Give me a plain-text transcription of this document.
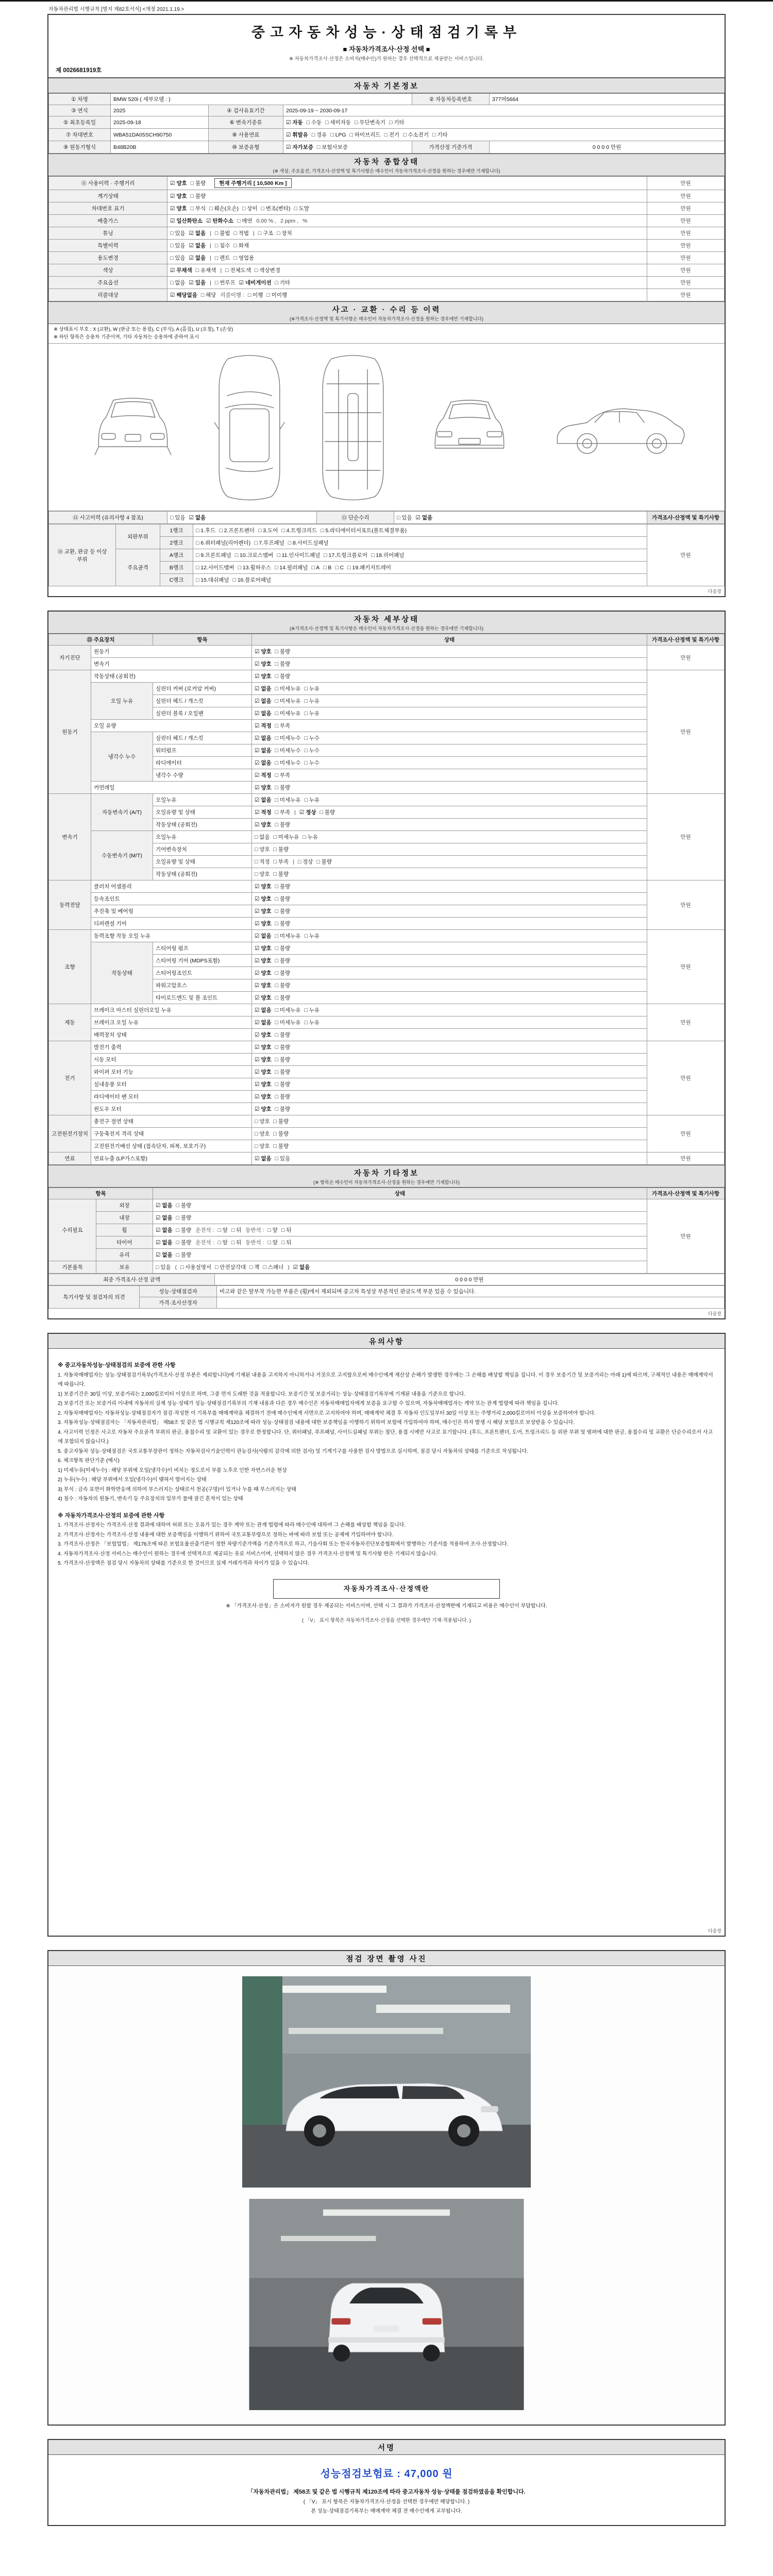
자동차관리법 시행규칙 [별지 제82호서식] <개정 2021.1.19.>
중고자동차성능·상태점검기록부
■ 자동차가격조사·산정 선택 ■
※ 자동차가격조사·산정은 소비자(매수인)가 원하는 경우 선택적으로 제공받는 서비스입니다.
제 0026681919호
자동차 기본정보
① 차명	BMW 520i ( 세부모델 : )			② 자동차등록번호	377머5664
③ 연식	2025	④ 검사유효기간	2025-09-19 ~ 2030-09-17		
⑤ 최초등록일	2025-09-18	⑥ 변속기종류	☑ 자동 □ 수동 □ 세미자동 □ 무단변속기 □ 기타		
⑦ 차대번호	WBA51DA05SCH90750	⑧ 사용연료	☑ 휘발유 □ 경유 □ LPG □ 하이브리드 □ 전기 □ 수소전기 □ 기타		
⑨ 원동기형식	B48B20B	⑩ 보증유형	☑ 자가보증 □ 보험사보증	가격산정 기준가격	0 0 0 0 만원
자동차 종합상태
(※ 색상, 주요옵션, 가격조사·산정액 및 특기사항은 매수인이 자동차가격조사·산정을 원하는 경우에만 기재합니다)
⑪ 사용이력 · 주행거리	☑ 양호 □ 불량 현재 주행거리 [ 10,500 Km ]	만원
계기상태	☑ 양호 □ 불량	만원
차대번호 표기	☑ 양호 □ 부식 □ 훼손(오손) □ 상이 □ 변조(변타) □ 도말	만원
배출가스	☑ 일산화탄소 ☑ 탄화수소 □ 매연 0.00 % , 2 ppm , %	만원
튜닝	□ 있음 ☑ 없음 | □ 불법 □ 적법 | □ 구조 □ 장치	만원
특별이력	□ 있음 ☑ 없음 | □ 침수 □ 화재	만원
용도변경	□ 있음 ☑ 없음 | □ 렌트 □ 영업용	만원
색상	☑ 무채색 □ 유채색 | □ 전체도색 □ 색상변경	만원
주요옵션	□ 없음 ☑ 있음 | □ 썬루프 ☑ 네비게이션 □ 기타	만원
리콜대상	☑ 해당없음 □ 해당 리콜이행 : □ 이행 □ 미이행	만원
사고 · 교환 · 수리 등 이력
(※가격조사·산정액 및 특기사항은 매수인이 자동차가격조사·산정을 원하는 경우에만 기재합니다)
※ 상태표시 부호 : X (교환), W (판금 또는 용접), C (부식), A (흠집), U (요철), T (손상)
※ 하단 항목은 승용차 기준이며, 기타 자동차는 승용차에 준하여 표시
⑫ 사고이력 (유의사항 4 참조)	□ 있음 ☑ 없음	⑬ 단순수리	□ 있음 ☑ 없음	가격조사·산정액 및 특기사항
⑭ 교환, 판금 등 이상 부위	외판부위	1랭크	□ 1.후드 □ 2.프론트펜더 □ 3.도어 □ 4.트렁크리드 □ 5.라디에이터서포트(볼트체결부품)	만원
		2랭크	□ 6.쿼터패널(리어펜더) □ 7.루프패널 □ 8.사이드실패널	
	주요골격	A랭크	□ 9.프론트패널 □ 10.크로스멤버 □ 11.인사이드패널 □ 17.트렁크플로어 □ 18.리어패널	
		B랭크	□ 12.사이드멤버 □ 13.휠하우스 □ 14.필러패널 □ A □ B □ C □ 19.패키지트레이	
		C랭크	□ 15.대쉬패널 □ 16.플로어패널	
다음장
자동차 세부상태
(※가격조사·산정액 및 특기사항은 매수인이 자동차가격조사·산정을 원하는 경우에만 기재합니다)
⑮ 주요장치		항목	상태	가격조사·산정액 및 특기사항
자기진단	원동기		☑ 양호 □ 불량	만원
	변속기		☑ 양호 □ 불량	
원동기	작동상태 (공회전)		☑ 양호 □ 불량	만원
	오일 누유	실린더 커버 (로커암 커버)	☑ 없음 □ 미세누유 □ 누유	
		실린더 헤드 / 개스킷	☑ 없음 □ 미세누유 □ 누유	
		실린더 블록 / 오일팬	☑ 없음 □ 미세누유 □ 누유	
	오일 유량		☑ 적정 □ 부족	
	냉각수 누수	실린더 헤드 / 개스킷	☑ 없음 □ 미세누수 □ 누수	
		워터펌프	☑ 없음 □ 미세누수 □ 누수	
		라디에이터	☑ 없음 □ 미세누수 □ 누수	
		냉각수 수량	☑ 적정 □ 부족	
	커먼레일		☑ 양호 □ 불량	
변속기	자동변속기 (A/T)	오일누유	☑ 없음 □ 미세누유 □ 누유	만원
		오일유량 및 상태	☑ 적정 □ 부족 | ☑ 정상 □ 불량	
		작동상태 (공회전)	☑ 양호 □ 불량	
	수동변속기 (M/T)	오일누유	□ 없음 □ 미세누유 □ 누유	
		기어변속장치	□ 양호 □ 불량	
		오일유량 및 상태	□ 적정 □ 부족 | □ 정상 □ 불량	
		작동상태 (공회전)	□ 양호 □ 불량	
동력전달	클러치 어셈블리		☑ 양호 □ 불량	만원
	등속조인트		☑ 양호 □ 불량	
	추진축 및 베어링		☑ 양호 □ 불량	
	디퍼렌셜 기어		☑ 양호 □ 불량	
조향	동력조향 작동 오일 누유		☑ 없음 □ 미세누유 □ 누유	만원
	작동상태	스티어링 펌프	☑ 양호 □ 불량	
		스티어링 기어 (MDPS포함)	☑ 양호 □ 불량	
		스티어링조인트	☑ 양호 □ 불량	
		파워고압호스	☑ 양호 □ 불량	
		타이로드엔드 및 볼 조인트	☑ 양호 □ 불량	
제동	브레이크 마스터 실린더오일 누유		☑ 없음 □ 미세누유 □ 누유	만원
	브레이크 오일 누유		☑ 없음 □ 미세누유 □ 누유	
	배력장치 상태		☑ 양호 □ 불량	
전기	발전기 출력		☑ 양호 □ 불량	만원
	시동 모터		☑ 양호 □ 불량	
	와이퍼 모터 기능		☑ 양호 □ 불량	
	실내송풍 모터		☑ 양호 □ 불량	
	라디에이터 팬 모터		☑ 양호 □ 불량	
	윈도우 모터		☑ 양호 □ 불량	
고전원전기장치	충전구 절연 상태		□ 양호 □ 불량	만원
	구동축전지 격리 상태		□ 양호 □ 불량	
	고전원전기배선 상태 (접속단자, 피복, 보호기구)		□ 양호 □ 불량	
연료	연료누출 (LP가스포함)		☑ 없음 □ 있음	만원
자동차 기타정보
(※ 항목은 매수인이 자동차가격조사·산정을 원하는 경우에만 기재합니다)
항목		상태	가격조사·산정액 및 특기사항
수리필요	외장	☑ 없음 □ 불량	만원
	내장	☑ 없음 □ 불량	
	휠	☑ 없음 □ 불량 운전석 : □ 앞 □ 뒤 동반석 : □ 앞 □ 뒤	
	타이어	☑ 없음 □ 불량 운전석 : □ 앞 □ 뒤 동반석 : □ 앞 □ 뒤	
	유리	☑ 없음 □ 불량	
기본품목	보유	□ 있음 ( □ 사용설명서 □ 안전삼각대 □ 잭 □ 스패너 ) ☑ 없음	
최종 가격조사·산정 금액	0 0 0 0 만원
특기사항 및 점검자의 의견	성능·상태점검자	비고와 같은 탈부착 가능한 부품은 (휠)에서 제외되며 중고차 특성상 부분적인 판금도색 부분 있을 수 있습니다.
	가격·조사산정자	
다음장
유의사항
※ 중고자동차성능·상태점검의 보증에 관한 사항
1. 자동차매매업자는 성능·상태점검기록부(가격조사·산정 부분은 제외합니다)에 기재된 내용을 고지하지 아니하거나 거짓으로 고지함으로써 매수인에게 재산상 손해가 발생한 경우에는 그 손해를 배상할 책임을 집니다. 이 경우 보증기간 및 보증거리는 아래 1)에 따르며, 구체적인 내용은 매매계약서에 따릅니다.
1) 보증기간은 30일 이상, 보증거리는 2,000킬로미터 이상으로 하며, 그중 먼저 도래한 것을 적용합니다. 보증기간 및 보증거리는 성능·상태점검기록부에 기재된 내용을 기준으로 합니다.
2) 보증기간 또는 보증거리 이내에 자동차의 실제 성능·상태가 성능·상태점검기록부의 기재 내용과 다른 경우 매수인은 자동차매매업자에게 보증을 요구할 수 있으며, 자동차매매업자는 계약 또는 관계 법령에 따라 책임을 집니다.
2. 자동차매매업자는 자동차성능·상태점검자가 점검·작성한 이 기록부를 매매계약을 체결하기 전에 매수인에게 서면으로 고지하여야 하며, 매매계약 체결 후 자동차 인도일부터 30일 이상 또는 주행거리 2,000킬로미터 이상을 보증하여야 합니다.
3. 자동차성능·상태점검자는 「자동차관리법」 제58조 및 같은 법 시행규칙 제120조에 따라 성능·상태점검 내용에 대한 보증책임을 이행하기 위하여 보험에 가입하여야 하며, 매수인은 하자 발생 시 해당 보험으로 보상받을 수 있습니다.
4. 사고이력 인정은 사고로 자동차 주요골격 부위의 판금, 용접수리 및 교환이 있는 경우로 한정합니다. 단, 쿼터패널, 루프패널, 사이드실패널 부위는 절단, 용접 시에만 사고로 표기합니다. (후드, 프론트펜더, 도어, 트렁크리드 등 외판 부위 및 범퍼에 대한 판금, 용접수리 및 교환은 단순수리로서 사고에 포함되지 않습니다.)
5. 중고자동차 성능·상태점검은 국토교통부장관이 정하는 자동차검사기술인력이 관능검사(사람의 감각에 의한 검사) 및 기계기구를 사용한 검사 방법으로 실시하며, 점검 당시 자동차의 상태를 기준으로 작성됩니다.
6. 체크항목 판단기준 (예시)
1) 미세누유(미세누수) : 해당 부위에 오일(냉각수)이 비치는 정도로서 부품 노후로 인한 자연스러운 현상
2) 누유(누수) : 해당 부위에서 오일(냉각수)이 맺혀서 떨어지는 상태
3) 부식 : 금속 표면이 화학반응에 의하여 부스러지는 상태로서 천공(구멍)이 있거나 누를 때 부스러지는 상태
4) 침수 : 자동차의 원동기, 변속기 등 주요장치의 일부가 물에 잠긴 흔적이 있는 상태
※ 자동차가격조사·산정의 보증에 관한 사항
1. 가격조사·산정자는 가격조사·산정 결과에 대하여 허위 또는 오류가 있는 경우 계약 또는 관계 법령에 따라 매수인에 대하여 그 손해를 배상할 책임을 집니다.
2. 가격조사·산정자는 가격조사·산정 내용에 대한 보증책임을 이행하기 위하여 국토교통부령으로 정하는 바에 따라 보험 또는 공제에 가입하여야 합니다.
3. 가격조사·산정은 「보험업법」 제176조에 따른 보험요율산출기관이 정한 차량기준가액을 기준가격으로 하고, 기술사회 또는 한국자동차진단보증협회에서 발행하는 기준서를 적용하여 조사·산정합니다.
4. 자동차가격조사·산정 서비스는 매수인이 원하는 경우에 선택적으로 제공되는 유료 서비스이며, 선택하지 않은 경우 가격조사·산정액 및 특기사항 란은 기재되지 않습니다.
5. 가격조사·산정액은 점검 당시 자동차의 상태를 기준으로 한 것이므로 실제 거래가격과 차이가 있을 수 있습니다.
자동차가격조사·산정액란
※ 「가격조사·산정」은 소비자가 원할 경우 제공되는 서비스이며, 선택 시 그 결과가 가격조사·산정액란에 기재되고 비용은 매수인이 부담합니다.
( 「V」 표시 항목은 자동차가격조사·산정을 선택한 경우에만 기재·적용됩니다. )
다음장
점검 장면 촬영 사진
서명
성능점검보험료 : 47,000 원
「자동차관리법」 제58조 및 같은 법 시행규칙 제120조에 따라 중고자동차 성능·상태를 점검하였음을 확인합니다.
( 「V」 표시 항목은 자동차가격조사·산정을 선택한 경우에만 해당합니다. )
본 성능·상태점검기록부는 매매계약 체결 전 매수인에게 교부됩니다.
